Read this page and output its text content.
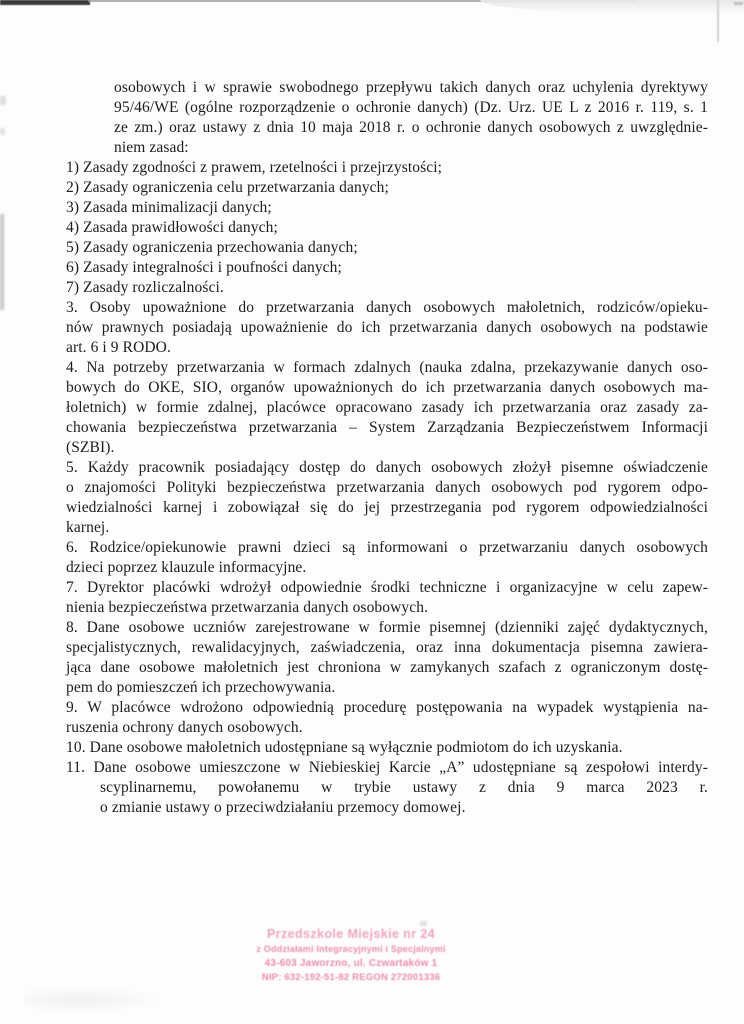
osobowych i w sprawie swobodnego przepływu takich danych oraz uchylenia dyrektywy
95/46/WE (ogólne rozporządzenie o ochronie danych) (Dz. Urz. UE L z 2016 r. 119, s. 1
ze zm.) oraz ustawy z dnia 10 maja 2018 r. o ochronie danych osobowych z uwzględnie-
niem zasad:
1) Zasady zgodności z prawem, rzetelności i przejrzystości;
2) Zasady ograniczenia celu przetwarzania danych;
3) Zasada minimalizacji danych;
4) Zasada prawidłowości danych;
5) Zasady ograniczenia przechowania danych;
6) Zasady integralności i poufności danych;
7) Zasady rozliczalności.
3. Osoby upoważnione do przetwarzania danych osobowych małoletnich, rodziców/opieku-
nów prawnych posiadają upoważnienie do ich przetwarzania danych osobowych na podstawie
art. 6 i 9 RODO.
4. Na potrzeby przetwarzania w formach zdalnych (nauka zdalna, przekazywanie danych oso-
bowych do OKE, SIO, organów upoważnionych do ich przetwarzania danych osobowych ma-
łoletnich) w formie zdalnej, placówce opracowano zasady ich przetwarzania oraz zasady za-
chowania bezpieczeństwa przetwarzania – System Zarządzania Bezpieczeństwem Informacji
(SZBI).
5. Każdy pracownik posiadający dostęp do danych osobowych złożył pisemne oświadczenie
o znajomości Polityki bezpieczeństwa przetwarzania danych osobowych pod rygorem odpo-
wiedzialności karnej i zobowiązał się do jej przestrzegania pod rygorem odpowiedzialności
karnej.
6. Rodzice/opiekunowie prawni dzieci są informowani o przetwarzaniu danych osobowych
dzieci poprzez klauzule informacyjne.
7. Dyrektor placówki wdrożył odpowiednie środki techniczne i organizacyjne w celu zapew-
nienia bezpieczeństwa przetwarzania danych osobowych.
8. Dane osobowe uczniów zarejestrowane w formie pisemnej (dzienniki zajęć dydaktycznych,
specjalistycznych, rewalidacyjnych, zaświadczenia, oraz inna dokumentacja pisemna zawiera-
jąca dane osobowe małoletnich jest chroniona w zamykanych szafach z ograniczonym dostę-
pem do pomieszczeń ich przechowywania.
9. W placówce wdrożono odpowiednią procedurę postępowania na wypadek wystąpienia na-
ruszenia ochrony danych osobowych.
10. Dane osobowe małoletnich udostępniane są wyłącznie podmiotom do ich uzyskania.
11. Dane osobowe umieszczone w Niebieskiej Karcie „A” udostępniane są zespołowi interdy-
scyplinarnemu, powołanemu w trybie ustawy z dnia 9 marca 2023 r.
o zmianie ustawy o przeciwdziałaniu przemocy domowej.
Przedszkole Miejskie nr 24
z Oddziałami Integracyjnymi i Specjalnymi
43-603 Jaworzno, ul. Czwartaków 1
NIP: 632-192-51-82 REGON 272001336
